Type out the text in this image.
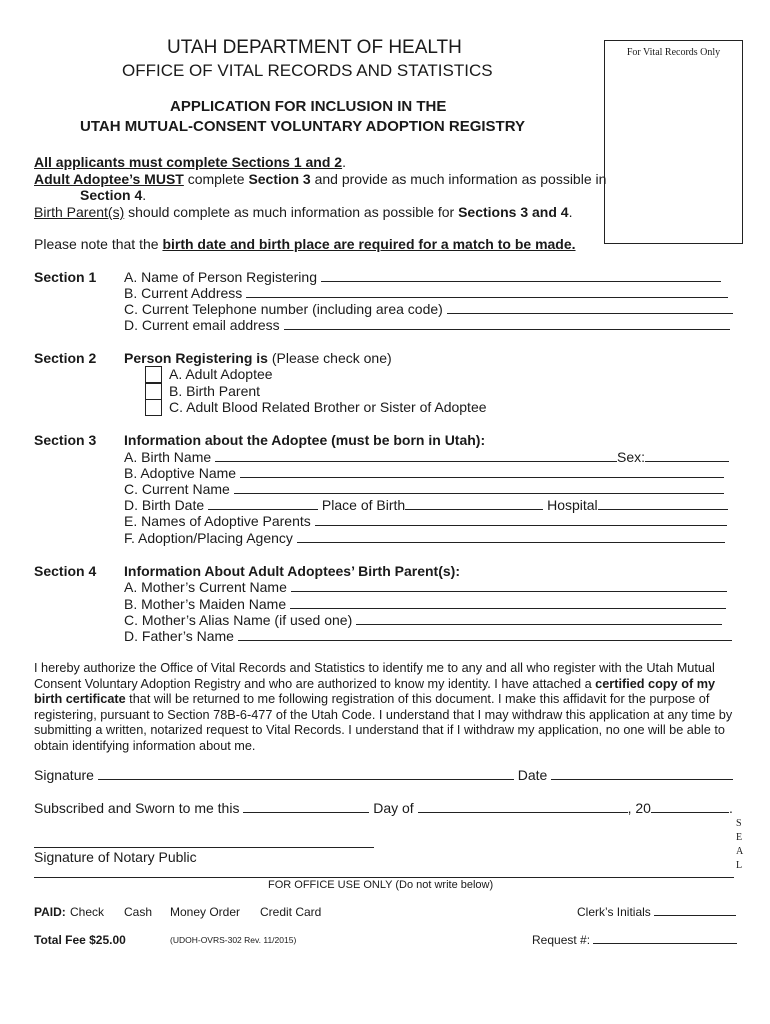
UTAH DEPARTMENT OF HEALTH
OFFICE OF VITAL RECORDS AND STATISTICS
For Vital Records Only
APPLICATION FOR INCLUSION IN THE
UTAH MUTUAL-CONSENT VOLUNTARY ADOPTION REGISTRY
All applicants must complete Sections 1 and 2.
Adult Adoptee’s MUST complete Section 3 and provide as much information as possible in
Section 4.
Birth Parent(s) should complete as much information as possible for Sections 3 and 4.
Please note that the birth date and birth place are required for a match to be made.
Section 1 A. Name of Person Registering
B. Current Address
C. Current Telephone number (including area code)
D. Current email address
Section 2 Person Registering is (Please check one)
A. Adult Adoptee
B. Birth Parent
C. Adult Blood Related Brother or Sister of Adoptee
Section 3 Information about the Adoptee (must be born in Utah):
A. Birth Name	Sex:
B. Adoptive Name
C. Current Name
D. Birth Date	Place of Birth	Hospital
E. Names of Adoptive Parents
F. Adoption/Placing Agency
Section 4 Information About Adult Adoptees’ Birth Parent(s):
A. Mother’s Current Name
B. Mother’s Maiden Name
C. Mother’s Alias Name (if used one)
D. Father’s Name
I hereby authorize the Office of Vital Records and Statistics to identify me to any and all who register with the Utah Mutual Consent Voluntary Adoption Registry and who are authorized to know my identity. I have attached a certified copy of my birth certificate that will be returned to me following registration of this document. I make this affidavit for the purpose of registering, pursuant to Section 78B-6-477 of the Utah Code. I understand that I may withdraw this application at any time by submitting a written, notarized request to Vital Records. I understand that if I withdraw my application, no one will be able to obtain identifying information about me.
Signature	Date
Subscribed and Sworn to me this	Day of	, 20	.
Signature of Notary Public
S
E
A
L
FOR OFFICE USE ONLY (Do not write below)
PAID: Check Cash Money Order Credit Card	Clerk’s Initials
Total Fee $25.00	(UDOH-OVRS-302 Rev. 11/2015)	Request #:
